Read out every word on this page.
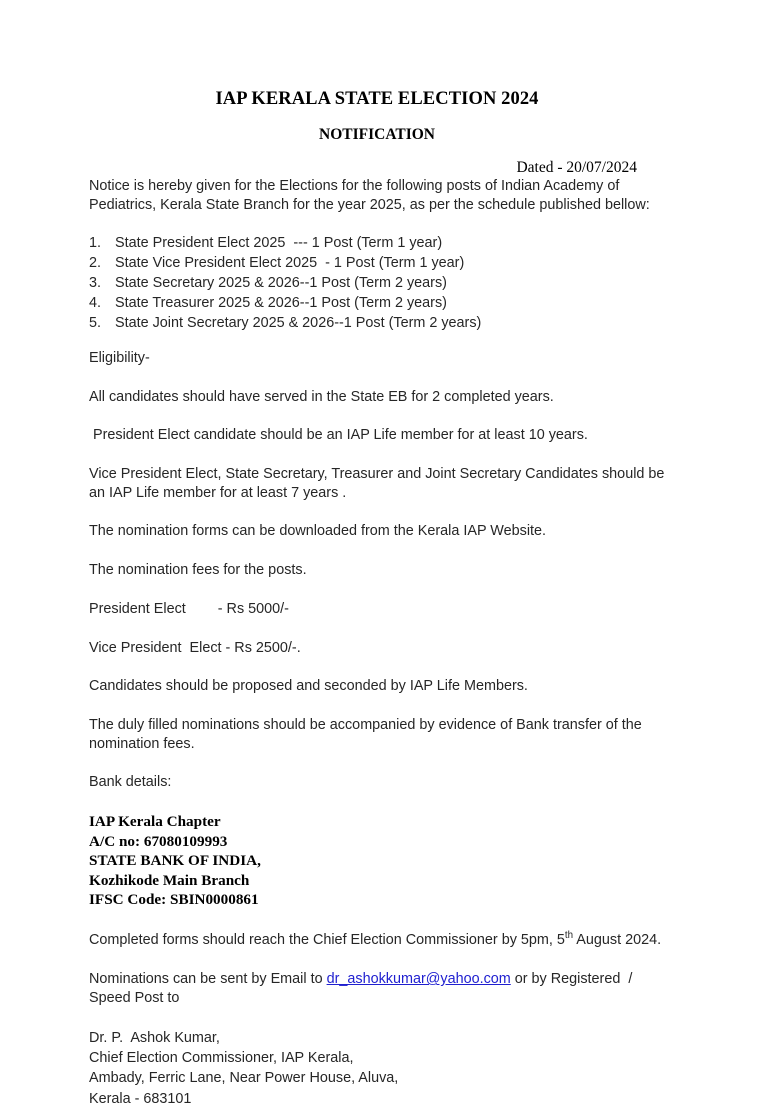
IAP KERALA STATE ELECTION 2024
NOTIFICATION
Dated - 20/07/2024

Notice is hereby given for the Elections for the following posts of Indian Academy of Pediatrics, Kerala State Branch for the year 2025, as per the schedule published bellow:

1. State President Elect 2025  --- 1 Post (Term 1 year)
2. State Vice President Elect 2025  - 1 Post (Term 1 year)
3. State Secretary 2025 & 2026--1 Post (Term 2 years)
4. State Treasurer 2025 & 2026--1 Post (Term 2 years)
5. State Joint Secretary 2025 & 2026--1 Post (Term 2 years)

Eligibility-

All candidates should have served in the State EB for 2 completed years.

President Elect candidate should be an IAP Life member for at least 10 years.

Vice President Elect, State Secretary, Treasurer and Joint Secretary Candidates should be an IAP Life member for at least 7 years .

The nomination forms can be downloaded from the Kerala IAP Website.

The nomination fees for the posts.

President Elect        - Rs 5000/-

Vice President  Elect - Rs 2500/-.

Candidates should be proposed and seconded by IAP Life Members.

The duly filled nominations should be accompanied by evidence of Bank transfer of the nomination fees.

Bank details:

IAP Kerala Chapter
A/C no: 67080109993
STATE BANK OF INDIA,
Kozhikode Main Branch
IFSC Code: SBIN0000861

Completed forms should reach the Chief Election Commissioner by 5pm, 5th August 2024.

Nominations can be sent by Email to dr_ashokkumar@yahoo.com or by Registered  / Speed Post to

Dr. P.  Ashok Kumar,
Chief Election Commissioner, IAP Kerala,
Ambady, Ferric Lane, Near Power House, Aluva,
Kerala - 683101
